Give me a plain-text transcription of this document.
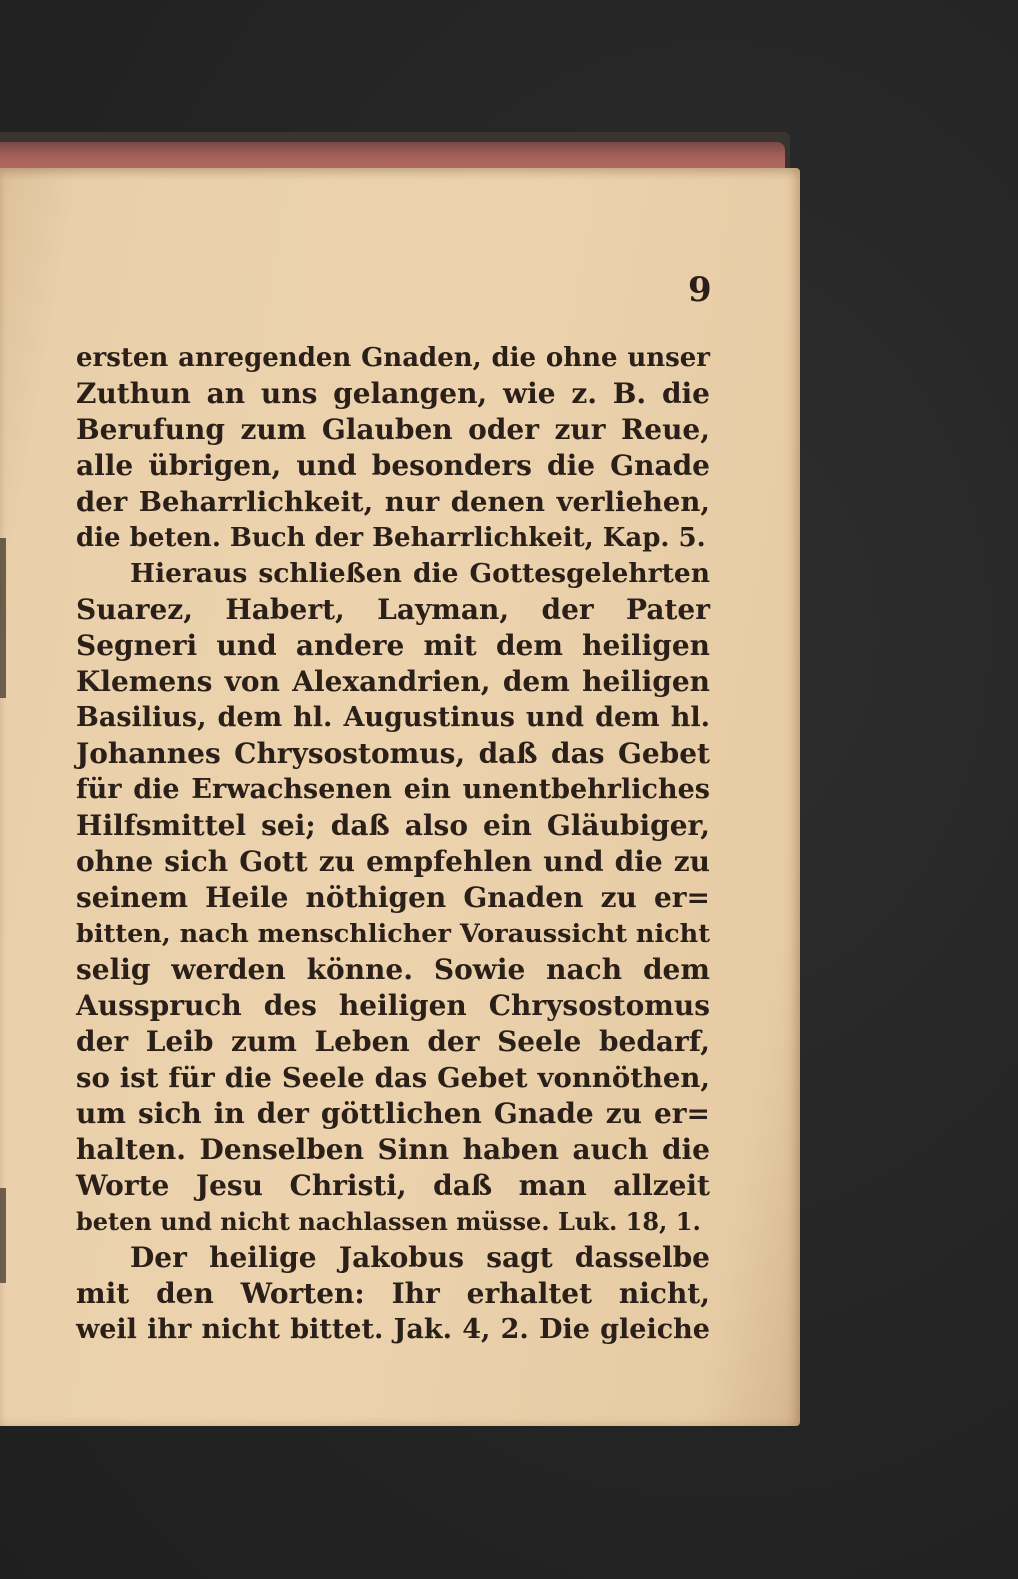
9
ersten anregenden Gnaden, die ohne unser
Zuthun an uns gelangen, wie z. B. die
Berufung zum Glauben oder zur Reue,
alle übrigen, und besonders die Gnade
der Beharrlichkeit, nur denen verliehen,
die beten. Buch der Beharrlichkeit, Kap. 5.
Hieraus schließen die Gottesgelehrten
Suarez, Habert, Layman, der Pater
Segneri und andere mit dem heiligen
Klemens von Alexandrien, dem heiligen
Basilius, dem hl. Augustinus und dem hl.
Johannes Chrysostomus, daß das Gebet
für die Erwachsenen ein unentbehrliches
Hilfsmittel sei; daß also ein Gläubiger,
ohne sich Gott zu empfehlen und die zu
seinem Heile nöthigen Gnaden zu er=
bitten, nach menschlicher Voraussicht nicht
selig werden könne. Sowie nach dem
Ausspruch des heiligen Chrysostomus
der Leib zum Leben der Seele bedarf,
so ist für die Seele das Gebet vonnöthen,
um sich in der göttlichen Gnade zu er=
halten. Denselben Sinn haben auch die
Worte Jesu Christi, daß man allzeit
beten und nicht nachlassen müsse. Luk. 18, 1.
Der heilige Jakobus sagt dasselbe
mit den Worten: Ihr erhaltet nicht,
weil ihr nicht bittet. Jak. 4, 2. Die gleiche
